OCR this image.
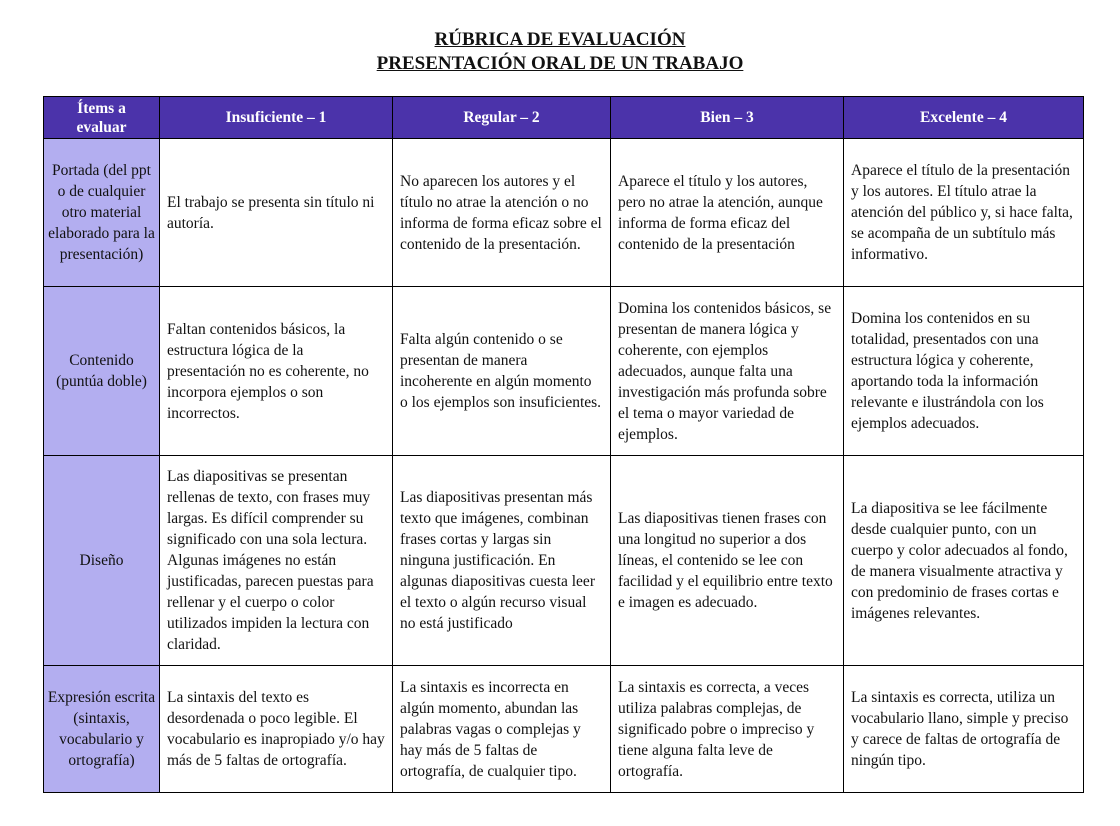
RÚBRICA DE EVALUACIÓN
PRESENTACIÓN ORAL DE UN TRABAJO
Ítems a evaluar	Insuficiente – 1	Regular – 2	Bien – 3	Excelente – 4
Portada (del ppt o de cualquier otro material elaborado para la presentación)	El trabajo se presenta sin título ni autoría.	No aparecen los autores y el título no atrae la atención o no informa de forma eficaz sobre el contenido de la presentación.	Aparece el título y los autores, pero no atrae la atención, aunque informa de forma eficaz del contenido de la presentación	Aparece el título de la presentación y los autores. El título atrae la atención del público y, si hace falta, se acompaña de un subtítulo más informativo.
Contenido (puntúa doble)	Faltan contenidos básicos, la estructura lógica de la presentación no es coherente, no incorpora ejemplos o son incorrectos.	Falta algún contenido o se presentan de manera incoherente en algún momento o los ejemplos son insuficientes.	Domina los contenidos básicos, se presentan de manera lógica y coherente, con ejemplos adecuados, aunque falta una investigación más profunda sobre el tema o mayor variedad de ejemplos.	Domina los contenidos en su totalidad, presentados con una estructura lógica y coherente, aportando toda la información relevante e ilustrándola con los ejemplos adecuados.
Diseño	Las diapositivas se presentan rellenas de texto, con frases muy largas. Es difícil comprender su significado con una sola lectura. Algunas imágenes no están justificadas, parecen puestas para rellenar y el cuerpo o color utilizados impiden la lectura con claridad.	Las diapositivas presentan más texto que imágenes, combinan frases cortas y largas sin ninguna justificación. En algunas diapositivas cuesta leer el texto o algún recurso visual no está justificado	Las diapositivas tienen frases con una longitud no superior a dos líneas, el contenido se lee con facilidad y el equilibrio entre texto e imagen es adecuado.	La diapositiva se lee fácilmente desde cualquier punto, con un cuerpo y color adecuados al fondo, de manera visualmente atractiva y con predominio de frases cortas e imágenes relevantes.
Expresión escrita (sintaxis, vocabulario y ortografía)	La sintaxis del texto es desordenada o poco legible. El vocabulario es inapropiado y/o hay más de 5 faltas de ortografía.	La sintaxis es incorrecta en algún momento, abundan las palabras vagas o complejas y hay más de 5 faltas de ortografía, de cualquier tipo.	La sintaxis es correcta, a veces utiliza palabras complejas, de significado pobre o impreciso y tiene alguna falta leve de ortografía.	La sintaxis es correcta, utiliza un vocabulario llano, simple y preciso y carece de faltas de ortografía de ningún tipo.
